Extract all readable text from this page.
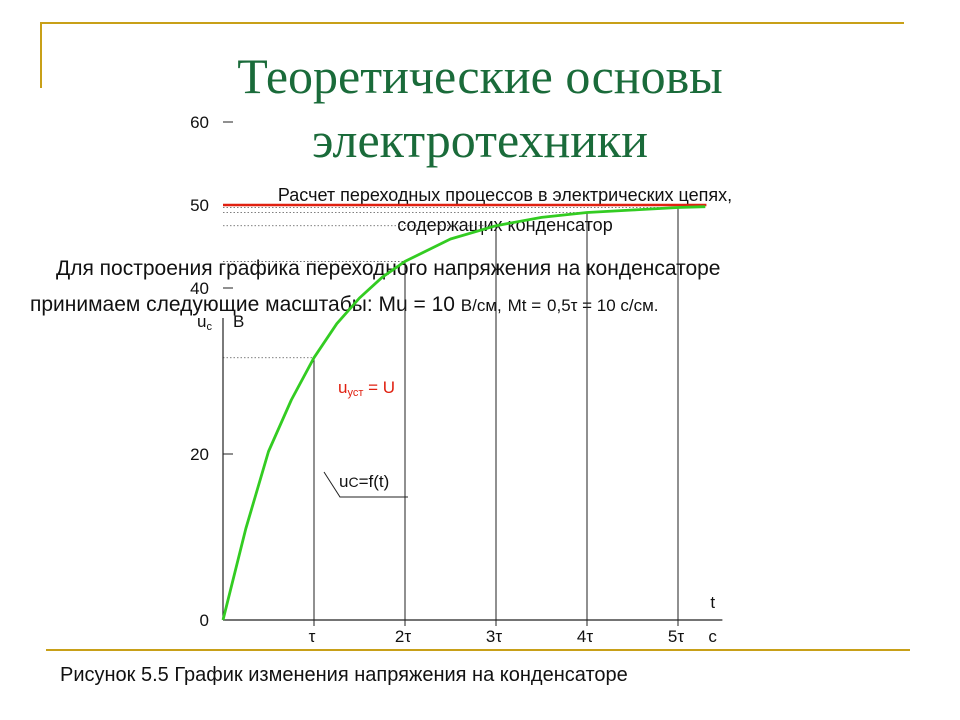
Теоретические основы
электротехники
Расчет переходных процессов в электрических цепях,
содержащих конденсатор
Для построения графика переходного напряжения на конденсаторе
принимаем следующие масштабы: Mu = 10 В/см, Mt = 0,5τ = 10 с/см.
60
50
40
20
0
τ	2τ	3τ	4τ	5τ
uc В
t
с
uуст = U
uC=f(t)
Рисунок 5.5 График изменения напряжения на конденсаторе
